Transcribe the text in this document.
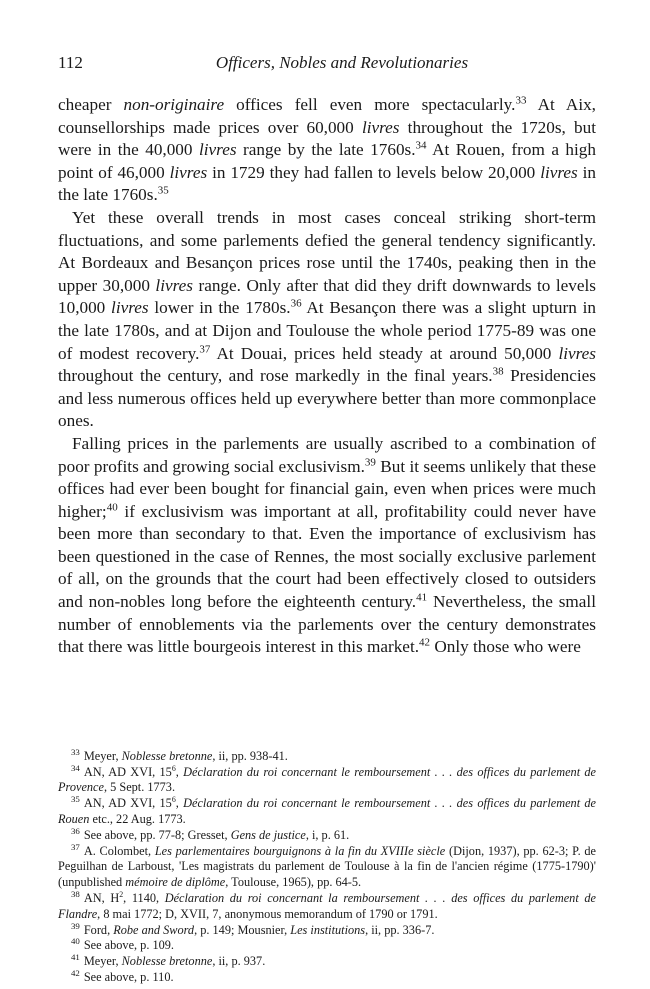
112	Officers, Nobles and Revolutionaries

cheaper non-originaire offices fell even more spectacularly.$^{33}$ At Aix, counsellorships made prices over 60,000 livres throughout the 1720s, but were in the 40,000 livres range by the late 1760s.$^{34}$ At Rouen, from a high point of 46,000 livres in 1729 they had fallen to levels below 20,000 livres in the late 1760s.$^{35}$

Yet these overall trends in most cases conceal striking short-term fluctuations, and some parlements defied the general tendency significantly. At Bordeaux and Besançon prices rose until the 1740s, peaking then in the upper 30,000 livres range. Only after that did they drift downwards to levels 10,000 livres lower in the 1780s.$^{36}$ At Besançon there was a slight upturn in the late 1780s, and at Dijon and Toulouse the whole period 1775-89 was one of modest recovery.$^{37}$ At Douai, prices held steady at around 50,000 livres throughout the century, and rose markedly in the final years.$^{38}$ Presidencies and less numerous offices held up everywhere better than more commonplace ones.

Falling prices in the parlements are usually ascribed to a combination of poor profits and growing social exclusivism.$^{39}$ But it seems unlikely that these offices had ever been bought for financial gain, even when prices were much higher;$^{40}$ if exclusivism was important at all, profitability could never have been more than secondary to that. Even the importance of exclusivism has been questioned in the case of Rennes, the most socially exclusive parlement of all, on the grounds that the court had been effectively closed to outsiders and non-nobles long before the eighteenth century.$^{41}$ Nevertheless, the small number of ennoblements via the parlements over the century demonstrates that there was little bourgeois interest in this market.$^{42}$ Only those who were

$^{33}$ Meyer, Noblesse bretonne, ii, pp. 938-41.

$^{34}$ AN, AD XVI, $15^6$, Déclaration du roi concernant le remboursement . . . des offices du parlement de Provence, 5 Sept. 1773.

$^{35}$ AN, AD XVI, $15^6$, Déclaration du roi concernant le remboursement . . . des offices du parlement de Rouen etc., 22 Aug. 1773.

$^{36}$ See above, pp. 77-8; Gresset, Gens de justice, i, p. 61.

$^{37}$ A. Colombet, Les parlementaires bourguignons à la fin du XVIIIe siècle (Dijon, 1937), pp. 62-3; P. de Peguilhan de Larboust, 'Les magistrats du parlement de Toulouse à la fin de l'ancien régime (1775-1790)' (unpublished mémoire de diplôme, Toulouse, 1965), pp. 64-5.

$^{38}$ AN, $H^2$, 1140, Déclaration du roi concernant la remboursement . . . des offices du parlement de Flandre, 8 mai 1772; D, XVII, 7, anonymous memorandum of 1790 or 1791.

$^{39}$ Ford, Robe and Sword, p. 149; Mousnier, Les institutions, ii, pp. 336-7.

$^{40}$ See above, p. 109.

$^{41}$ Meyer, Noblesse bretonne, ii, p. 937.

$^{42}$ See above, p. 110.
